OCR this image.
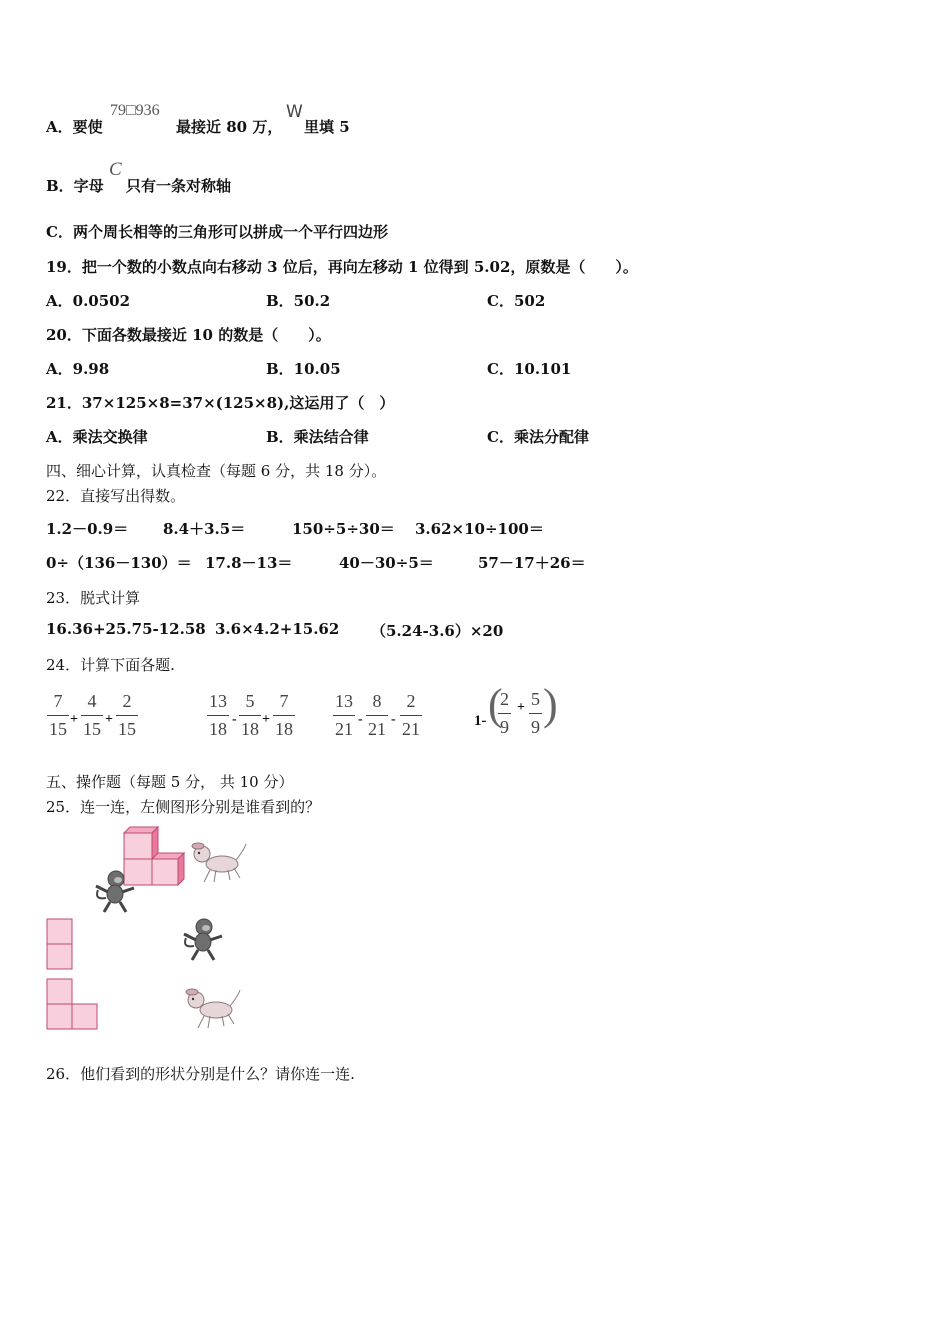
A．要使
79□936
最接近 80 万，
W
里填 5
B．字母
C
只有一条对称轴
C．两个周长相等的三角形可以拼成一个平行四边形
19．把一个数的小数点向右移动 3 位后，再向左移动 1 位得到 5.02，原数是（　　）。
A．0.0502	B．50.2	C．502
20．下面各数最接近 10 的数是（　　）。
A．9.98	B．10.05	C．10.101
21．37×125×8=37×(125×8),这运用了（　）
A．乘法交换律	B．乘法结合律	C．乘法分配律
四、细心计算，认真检查（每题 6 分，共 18 分）。
22．直接写出得数。
1.2－0.9＝ 8.4＋3.5＝	150÷5÷30＝ 3.62×10÷100＝
0÷（136－130）＝ 17.8－13＝	40－30÷5＝	57－17＋26＝
23．脱式计算
16.36+25.75-12.58 3.6×4.2+15.62 （5.24-3.6）×20
24．计算下面各题.
7
15 +
4
15 +
2
15
13
18 -
5
18 +
7
18
13
21 -
8
21 -
2
21	1- (
2
9
+ 5
9 )
五、操作题（每题 5 分， 共 10 分）
25．连一连，左侧图形分别是谁看到的？
26．他们看到的形状分别是什么？请你连一连.
